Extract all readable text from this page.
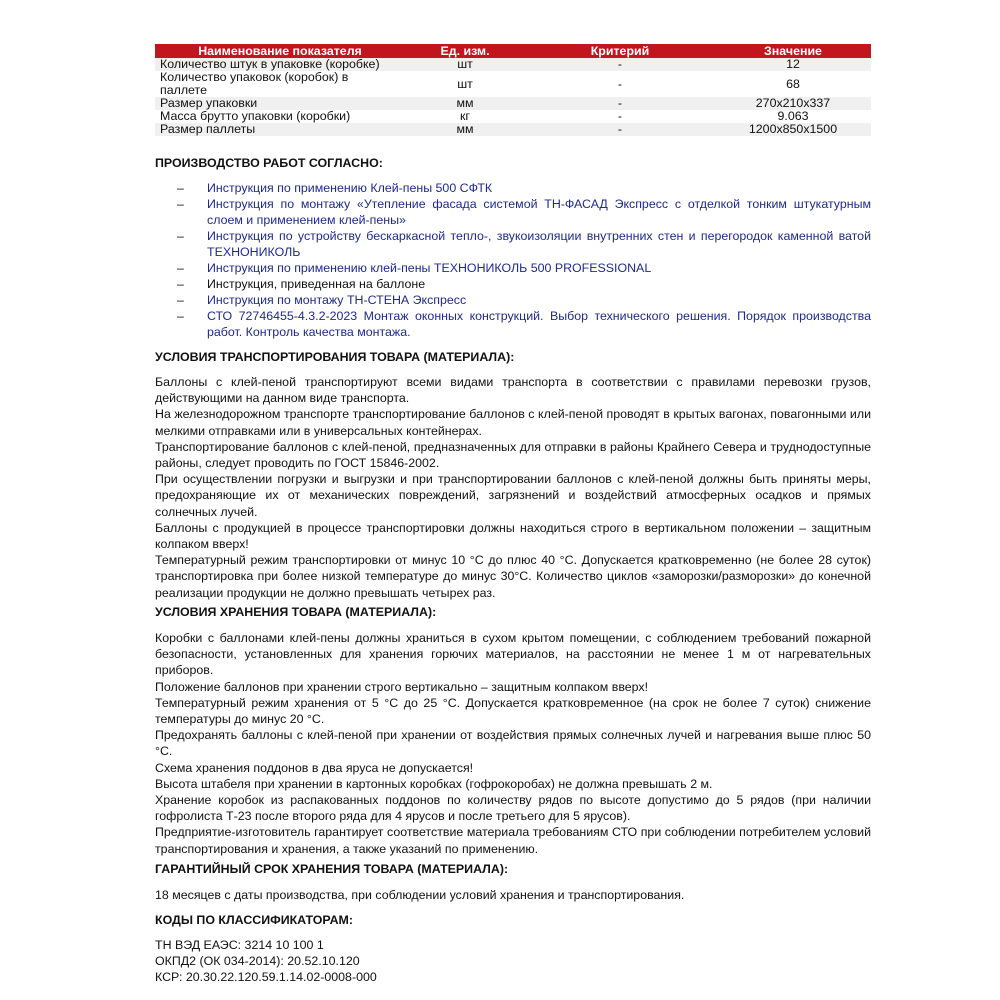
Наименование показателя	Ед. изм.	Критерий	Значение
Количество штук в упаковке (коробке)	шт	-	12
Количество упаковок (коробок) в паллете	шт	-	68
Размер упаковки	мм	-	270x210x337
Масса брутто упаковки (коробки)	кг	-	9.063
Размер паллеты	мм	-	1200x850x1500
ПРОИЗВОДСТВО РАБОТ СОГЛАСНО:
– Инструкция по применению Клей-пены 500 СФТК
– Инструкция по монтажу «Утепление фасада системой ТН-ФАСАД Экспресс с отделкой тонким штукатурным слоем и применением клей-пены»
– Инструкция по устройству бескаркасной тепло-, звукоизоляции внутренних стен и перегородок каменной ватой ТЕХНОНИКОЛЬ
– Инструкция по применению клей-пены ТЕХНОНИКОЛЬ 500 PROFESSIONAL
– Инструкция, приведенная на баллоне
– Инструкция по монтажу ТН-СТЕНА Экспресс
– СТО 72746455-4.3.2-2023 Монтаж оконных конструкций. Выбор технического решения. Порядок производства работ. Контроль качества монтажа.
УСЛОВИЯ ТРАНСПОРТИРОВАНИЯ ТОВАРА (МАТЕРИАЛА):

Баллоны с клей-пеной транспортируют всеми видами транспорта в соответствии с правилами перевозки грузов, действующими на данном виде транспорта.

На железнодорожном транспорте транспортирование баллонов с клей-пеной проводят в крытых вагонах, повагонными или мелкими отправками или в универсальных контейнерах.

Транспортирование баллонов с клей-пеной, предназначенных для отправки в районы Крайнего Севера и труднодоступные районы, следует проводить по ГОСТ 15846-2002.

При осуществлении погрузки и выгрузки и при транспортировании баллонов с клей-пеной должны быть приняты меры, предохраняющие их от механических повреждений, загрязнений и воздействий атмосферных осадков и прямых солнечных лучей.

Баллоны с продукцией в процессе транспортировки должны находиться строго в вертикальном положении – защитным колпаком вверх!

Температурный режим транспортировки от минус 10 °С до плюс 40 °С. Допускается кратковременно (не более 28 суток) транспортировка при более низкой температуре до минус 30°С. Количество циклов «заморозки/разморозки» до конечной реализации продукции не должно превышать четырех раз.

УСЛОВИЯ ХРАНЕНИЯ ТОВАРА (МАТЕРИАЛА):

Коробки с баллонами клей-пены должны храниться в сухом крытом помещении, с соблюдением требований пожарной безопасности, установленных для хранения горючих материалов, на расстоянии не менее 1 м от нагревательных приборов.

Положение баллонов при хранении строго вертикально – защитным колпаком вверх!

Температурный режим хранения от 5 °С до 25 °С. Допускается кратковременное (на срок не более 7 суток) снижение температуры до минус 20 °С.

Предохранять баллоны с клей-пеной при хранении от воздействия прямых солнечных лучей и нагревания выше плюс 50 °С.

Схема хранения поддонов в два яруса не допускается!

Высота штабеля при хранении в картонных коробках (гофрокоробах) не должна превышать 2 м.

Хранение коробок из распакованных поддонов по количеству рядов по высоте допустимо до 5 рядов (при наличии гофролиста Т-23 после второго ряда для 4 ярусов и после третьего для 5 ярусов).

Предприятие-изготовитель гарантирует соответствие материала требованиям СТО при соблюдении потребителем условий транспортирования и хранения, а также указаний по применению.

ГАРАНТИЙНЫЙ СРОК ХРАНЕНИЯ ТОВАРА (МАТЕРИАЛА):
18 месяцев с даты производства, при соблюдении условий хранения и транспортирования.
КОДЫ ПО КЛАССИФИКАТОРАМ:
ТН ВЭД ЕАЭС: 3214 10 100 1
ОКПД2 (ОК 034-2014): 20.52.10.120
КСР: 20.30.22.120.59.1.14.02-0008-000
